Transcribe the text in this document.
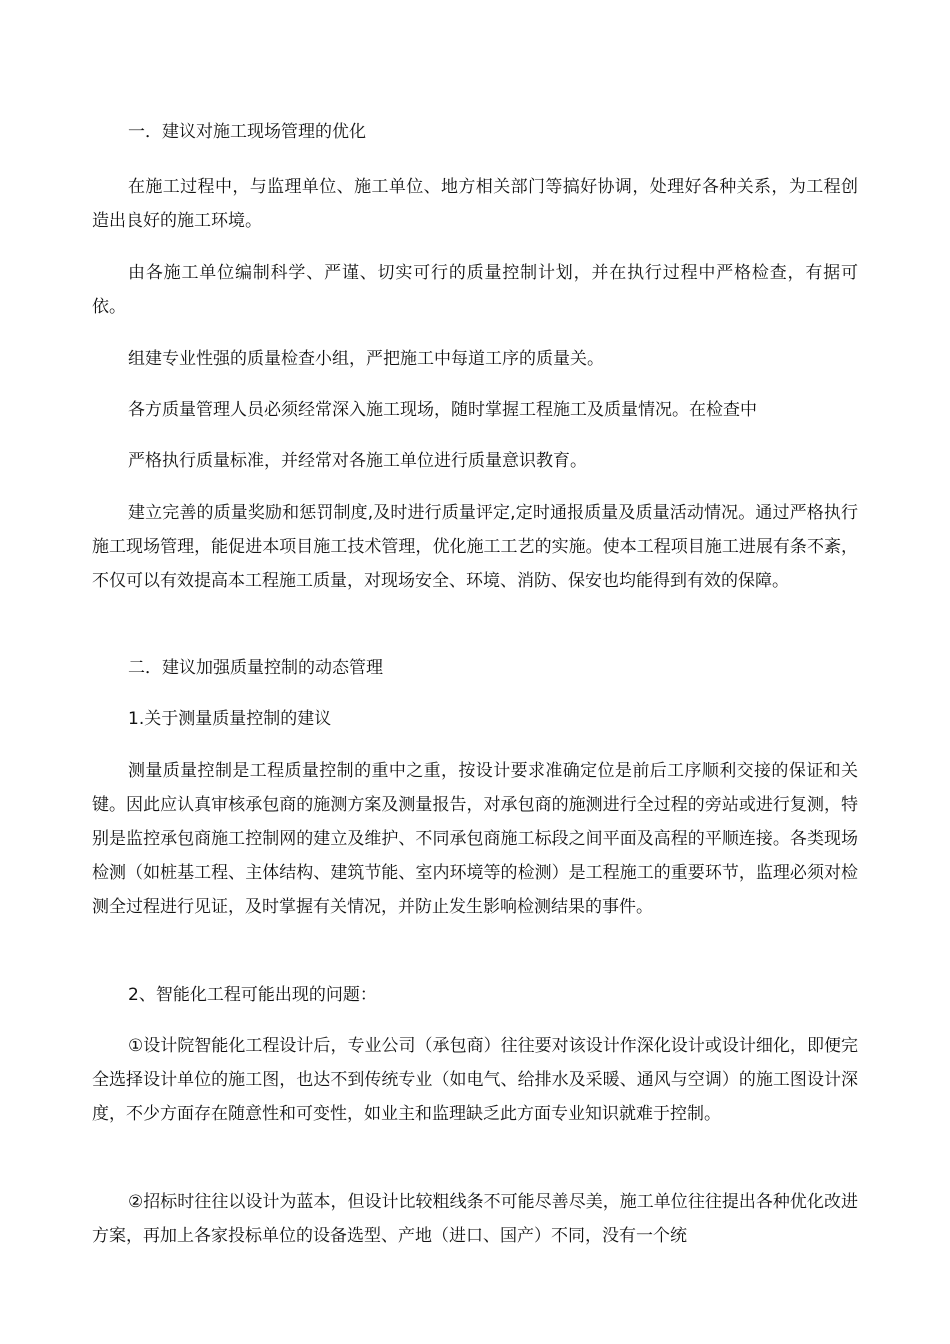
一．建议对施工现场管理的优化

在施工过程中，与监理单位、施工单位、地方相关部门等搞好协调，处理好各种关系，为工程创造出良好的施工环境。

由各施工单位编制科学、严谨、切实可行的质量控制计划，并在执行过程中严格检查，有据可依。

组建专业性强的质量检查小组，严把施工中每道工序的质量关。

各方质量管理人员必须经常深入施工现场，随时掌握工程施工及质量情况。在检查中

严格执行质量标准，并经常对各施工单位进行质量意识教育。

建立完善的质量奖励和惩罚制度,及时进行质量评定,定时通报质量及质量活动情况。通过严格执行施工现场管理，能促进本项目施工技术管理，优化施工工艺的实施。使本工程项目施工进展有条不紊，不仅可以有效提高本工程施工质量，对现场安全、环境、消防、保安也均能得到有效的保障。

二．建议加强质量控制的动态管理

1.关于测量质量控制的建议

测量质量控制是工程质量控制的重中之重，按设计要求准确定位是前后工序顺利交接的保证和关键。因此应认真审核承包商的施测方案及测量报告，对承包商的施测进行全过程的旁站或进行复测，特别是监控承包商施工控制网的建立及维护、不同承包商施工标段之间平面及高程的平顺连接。各类现场检测（如桩基工程、主体结构、建筑节能、室内环境等的检测）是工程施工的重要环节，监理必须对检测全过程进行见证，及时掌握有关情况，并防止发生影响检测结果的事件。

2、智能化工程可能出现的问题：

①设计院智能化工程设计后，专业公司（承包商）往往要对该设计作深化设计或设计细化，即便完全选择设计单位的施工图，也达不到传统专业（如电气、给排水及采暖、通风与空调）的施工图设计深度，不少方面存在随意性和可变性，如业主和监理缺乏此方面专业知识就难于控制。

②招标时往往以设计为蓝本，但设计比较粗线条不可能尽善尽美，施工单位往往提出各种优化改进方案，再加上各家投标单位的设备选型、产地（进口、国产）不同，没有一个统
